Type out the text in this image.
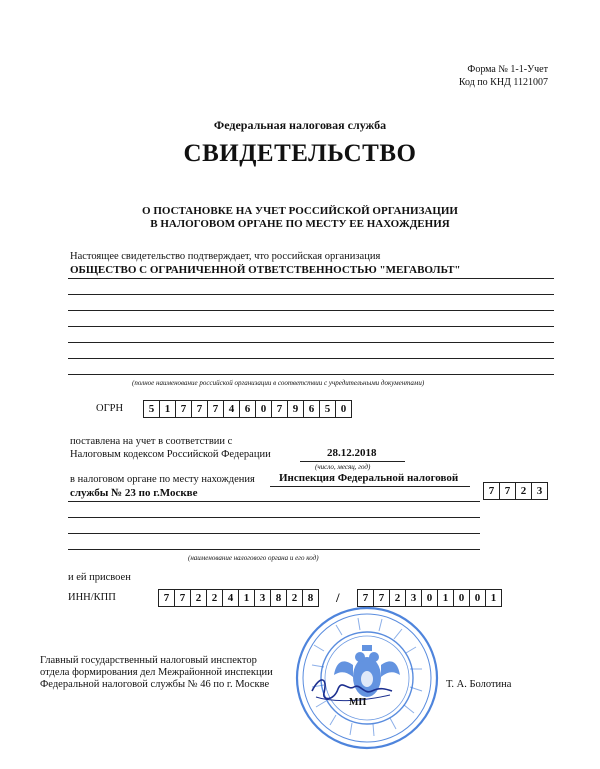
Форма № 1-1-Учет
Код по КНД 1121007
Федеральная налоговая служба
СВИДЕТЕЛЬСТВО
О ПОСТАНОВКЕ НА УЧЕТ РОССИЙСКОЙ ОРГАНИЗАЦИИ
В НАЛОГОВОМ ОРГАНЕ ПО МЕСТУ ЕЕ НАХОЖДЕНИЯ
Настоящее свидетельство подтверждает, что российская организация
ОБЩЕСТВО С ОГРАНИЧЕННОЙ ОТВЕТСТВЕННОСТЬЮ "МЕГАВОЛЬТ"
(полное наименование российской организации в соответствии с учредительными документами)
ОГРН	5 1 7 7 7 4 6 0 7 9 6 5 0
поставлена на учет в соответствии с
Налоговым кодексом Российской Федерации	28.12.2018
(число, месяц, год)
в налоговом органе по месту нахождения Инспекция Федеральной налоговой
службы № 23 по г.Москве	7 7 2 3
(наименование налогового органа и его код)
и ей присвоен
ИНН/КПП	7 7 2 2 4 1 3 8 2 8	/	7 7 2 3 0 1 0 0 1
Главный государственный налоговый инспектор
отдела формирования дел Межрайонной инспекции
Федеральной налоговой службы № 46 по г. Москве	Т. А. Болотина
МП
